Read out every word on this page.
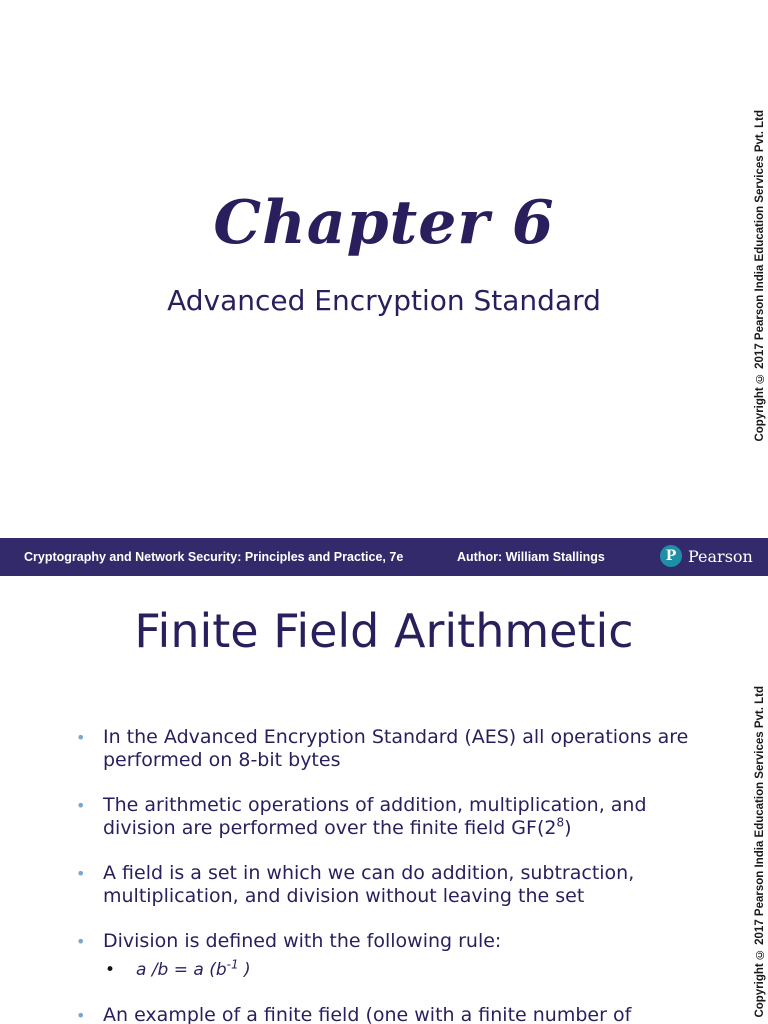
Chapter 6
Advanced Encryption Standard	Copyright © 2017 Pearson India Education Services Pvt. Ltd
Cryptography and Network Security: Principles and Practice, 7e	Author: William Stallings	P Pearson
Finite Field Arithmetic
Copyright © 2017 Pearson India Education Services Pvt. Ltd
• In the Advanced Encryption Standard (AES) all operations are performed on 8-bit bytes
• The arithmetic operations of addition, multiplication, and division are performed over the finite field $GF(2^8)$
• A field is a set in which we can do addition, subtraction, multiplication, and division without leaving the set
• Division is defined with the following rule:
• a /b = a ($b^{-1}$ )
• An example of a finite field (one with a finite number of
